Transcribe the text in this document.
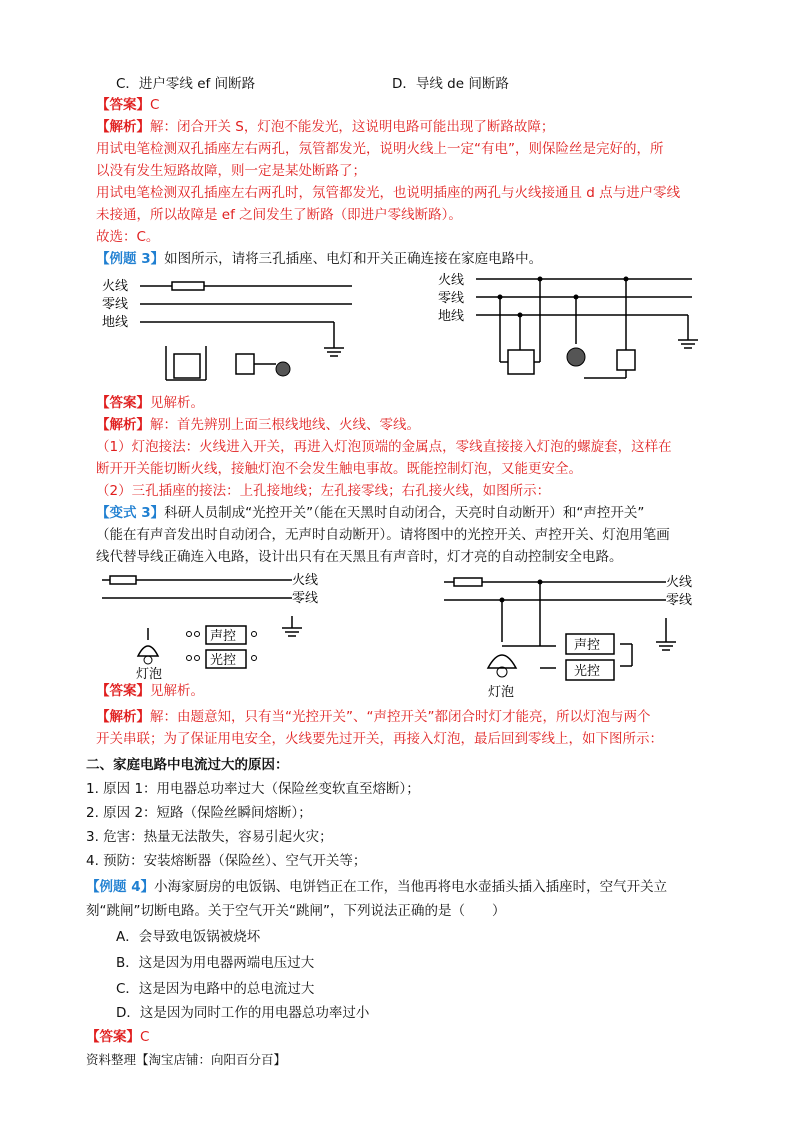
C．进户零线 ef 间断路	D．导线 de 间断路
【答案】C
【解析】解：闭合开关 S，灯泡不能发光，这说明电路可能出现了断路故障；
用试电笔检测双孔插座左右两孔，氖管都发光，说明火线上一定“有电”，则保险丝是完好的，所
以没有发生短路故障，则一定是某处断路了；
用试电笔检测双孔插座左右两孔时，氖管都发光，也说明插座的两孔与火线接通且 d 点与进户零线
未接通，所以故障是 ef 之间发生了断路（即进户零线断路）。
故选：C。
【例题 3】如图所示，请将三孔插座、电灯和开关正确连接在家庭电路中。
火线
零线
地线
火线
零线
地线
【答案】见解析。
【解析】解：首先辨别上面三根线地线、火线、零线。
（1）灯泡接法：火线进入开关，再进入灯泡顶端的金属点，零线直接接入灯泡的螺旋套，这样在
断开开关能切断火线，接触灯泡不会发生触电事故。既能控制灯泡，又能更安全。
（2）三孔插座的接法：上孔接地线；左孔接零线；右孔接火线，如图所示：
【变式 3】科研人员制成“光控开关”（能在天黑时自动闭合，天亮时自动断开）和“声控开关”
（能在有声音发出时自动闭合，无声时自动断开）。请将图中的光控开关、声控开关、灯泡用笔画
线代替导线正确连入电路，设计出只有在天黑且有声音时，灯才亮的自动控制安全电路。
火线
零线
声控
光控
灯泡
火线
零线
声控
光控
灯泡
【答案】见解析。
【解析】解：由题意知，只有当“光控开关”、“声控开关”都闭合时灯才能亮，所以灯泡与两个
开关串联；为了保证用电安全，火线要先过开关，再接入灯泡，最后回到零线上，如下图所示：
二、家庭电路中电流过大的原因：
1. 原因 1：用电器总功率过大（保险丝变软直至熔断）；
2. 原因 2：短路（保险丝瞬间熔断）；
3. 危害：热量无法散失，容易引起火灾；
4. 预防：安装熔断器（保险丝）、空气开关等；
【例题 4】小海家厨房的电饭锅、电饼铛正在工作，当他再将电水壶插头插入插座时，空气开关立
刻“跳闸”切断电路。关于空气开关“跳闸”，下列说法正确的是（　　）
A．会导致电饭锅被烧坏
B．这是因为用电器两端电压过大
C．这是因为电路中的总电流过大
D．这是因为同时工作的用电器总功率过小
【答案】C
资料整理【淘宝店铺：向阳百分百】
